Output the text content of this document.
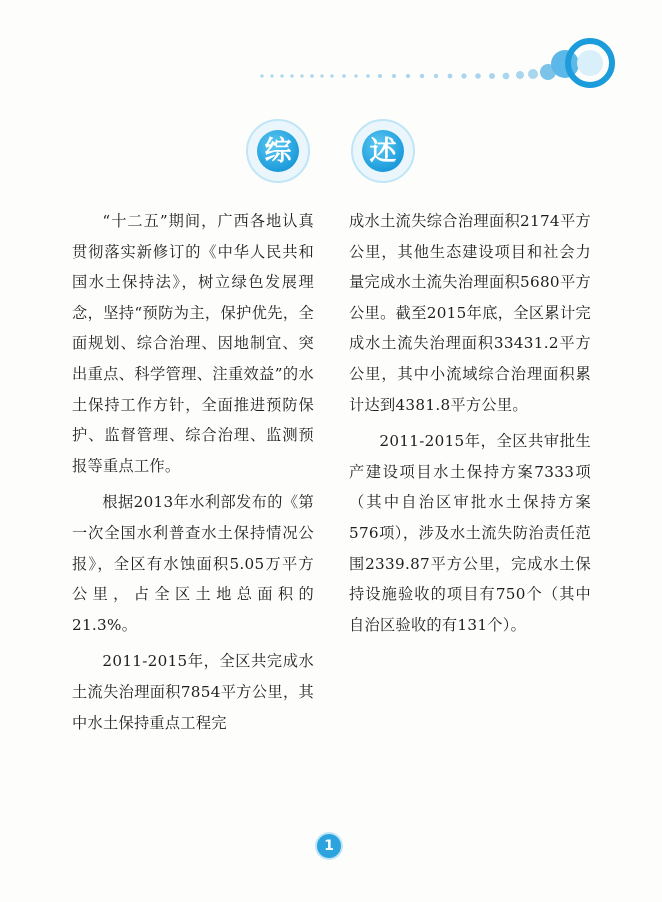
综	述

“十二五”期间，广西各地认真贯彻落实新修订的《中华人民共和国水土保持法》，树立绿色发展理念，坚持“预防为主，保护优先，全面规划、综合治理、因地制宜、突出重点、科学管理、注重效益”的水土保持工作方针，全面推进预防保护、监督管理、综合治理、监测预报等重点工作。

根据2013年水利部发布的《第一次全国水利普查水土保持情况公报》，全区有水蚀面积5.05万平方公里，占全区土地总面积的21.3%。

2011-2015年，全区共完成水土流失治理面积7854平方公里，其中水土保持重点工程完

成水土流失综合治理面积2174平方公里，其他生态建设项目和社会力量完成水土流失治理面积5680平方公里。截至2015年底，全区累计完成水土流失治理面积33431.2平方公里，其中小流域综合治理面积累计达到4381.8平方公里。

2011-2015年，全区共审批生产建设项目水土保持方案7333项（其中自治区审批水土保持方案576项），涉及水土流失防治责任范围2339.87平方公里，完成水土保持设施验收的项目有750个（其中自治区验收的有131个）。

1
